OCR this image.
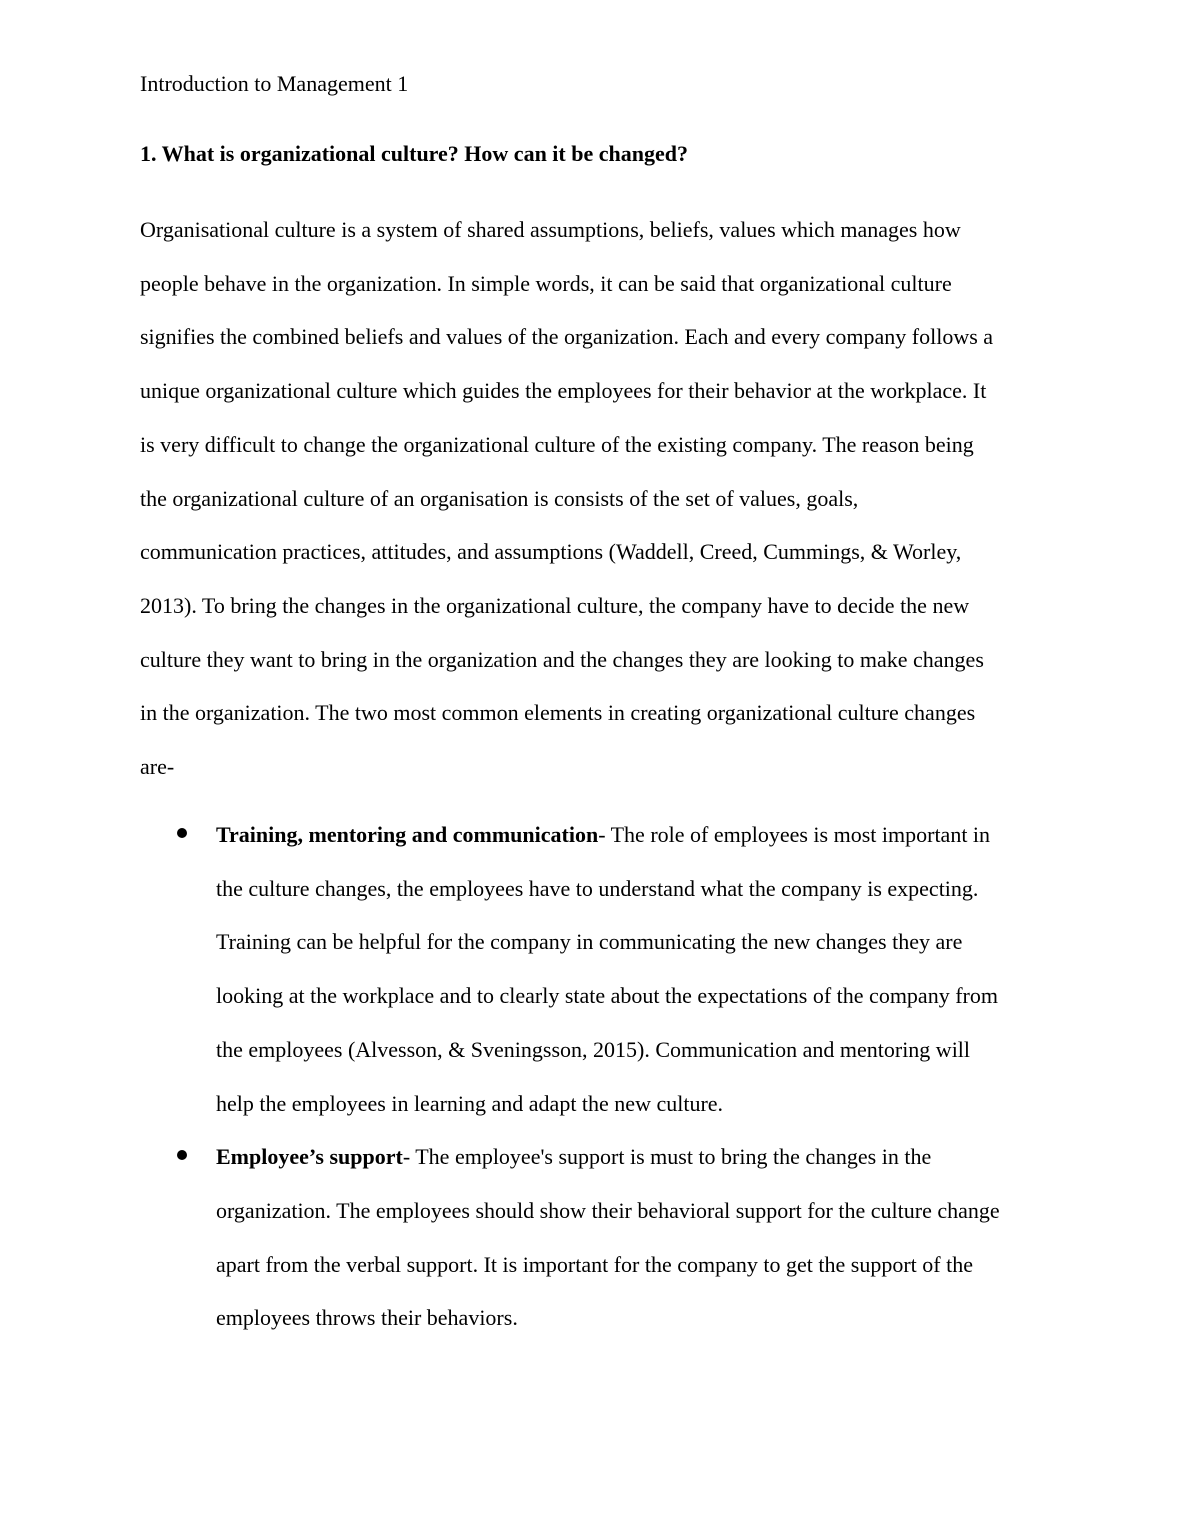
Introduction to Management 1
1. What is organizational culture? How can it be changed?

Organisational culture is a system of shared assumptions, beliefs, values which manages how
people behave in the organization. In simple words, it can be said that organizational culture
signifies the combined beliefs and values of the organization. Each and every company follows a
unique organizational culture which guides the employees for their behavior at the workplace. It
is very difficult to change the organizational culture of the existing company. The reason being
the organizational culture of an organisation is consists of the set of values, goals,
communication practices, attitudes, and assumptions (Waddell, Creed, Cummings, & Worley,
2013). To bring the changes in the organizational culture, the company have to decide the new
culture they want to bring in the organization and the changes they are looking to make changes
in the organization. The two most common elements in creating organizational culture changes
are-

Training, mentoring and communication- The role of employees is most important in
the culture changes, the employees have to understand what the company is expecting.
Training can be helpful for the company in communicating the new changes they are
looking at the workplace and to clearly state about the expectations of the company from
the employees (Alvesson, & Sveningsson, 2015). Communication and mentoring will
help the employees in learning and adapt the new culture.
Employee’s support- The employee's support is must to bring the changes in the
organization. The employees should show their behavioral support for the culture change
apart from the verbal support. It is important for the company to get the support of the
employees throws their behaviors.
